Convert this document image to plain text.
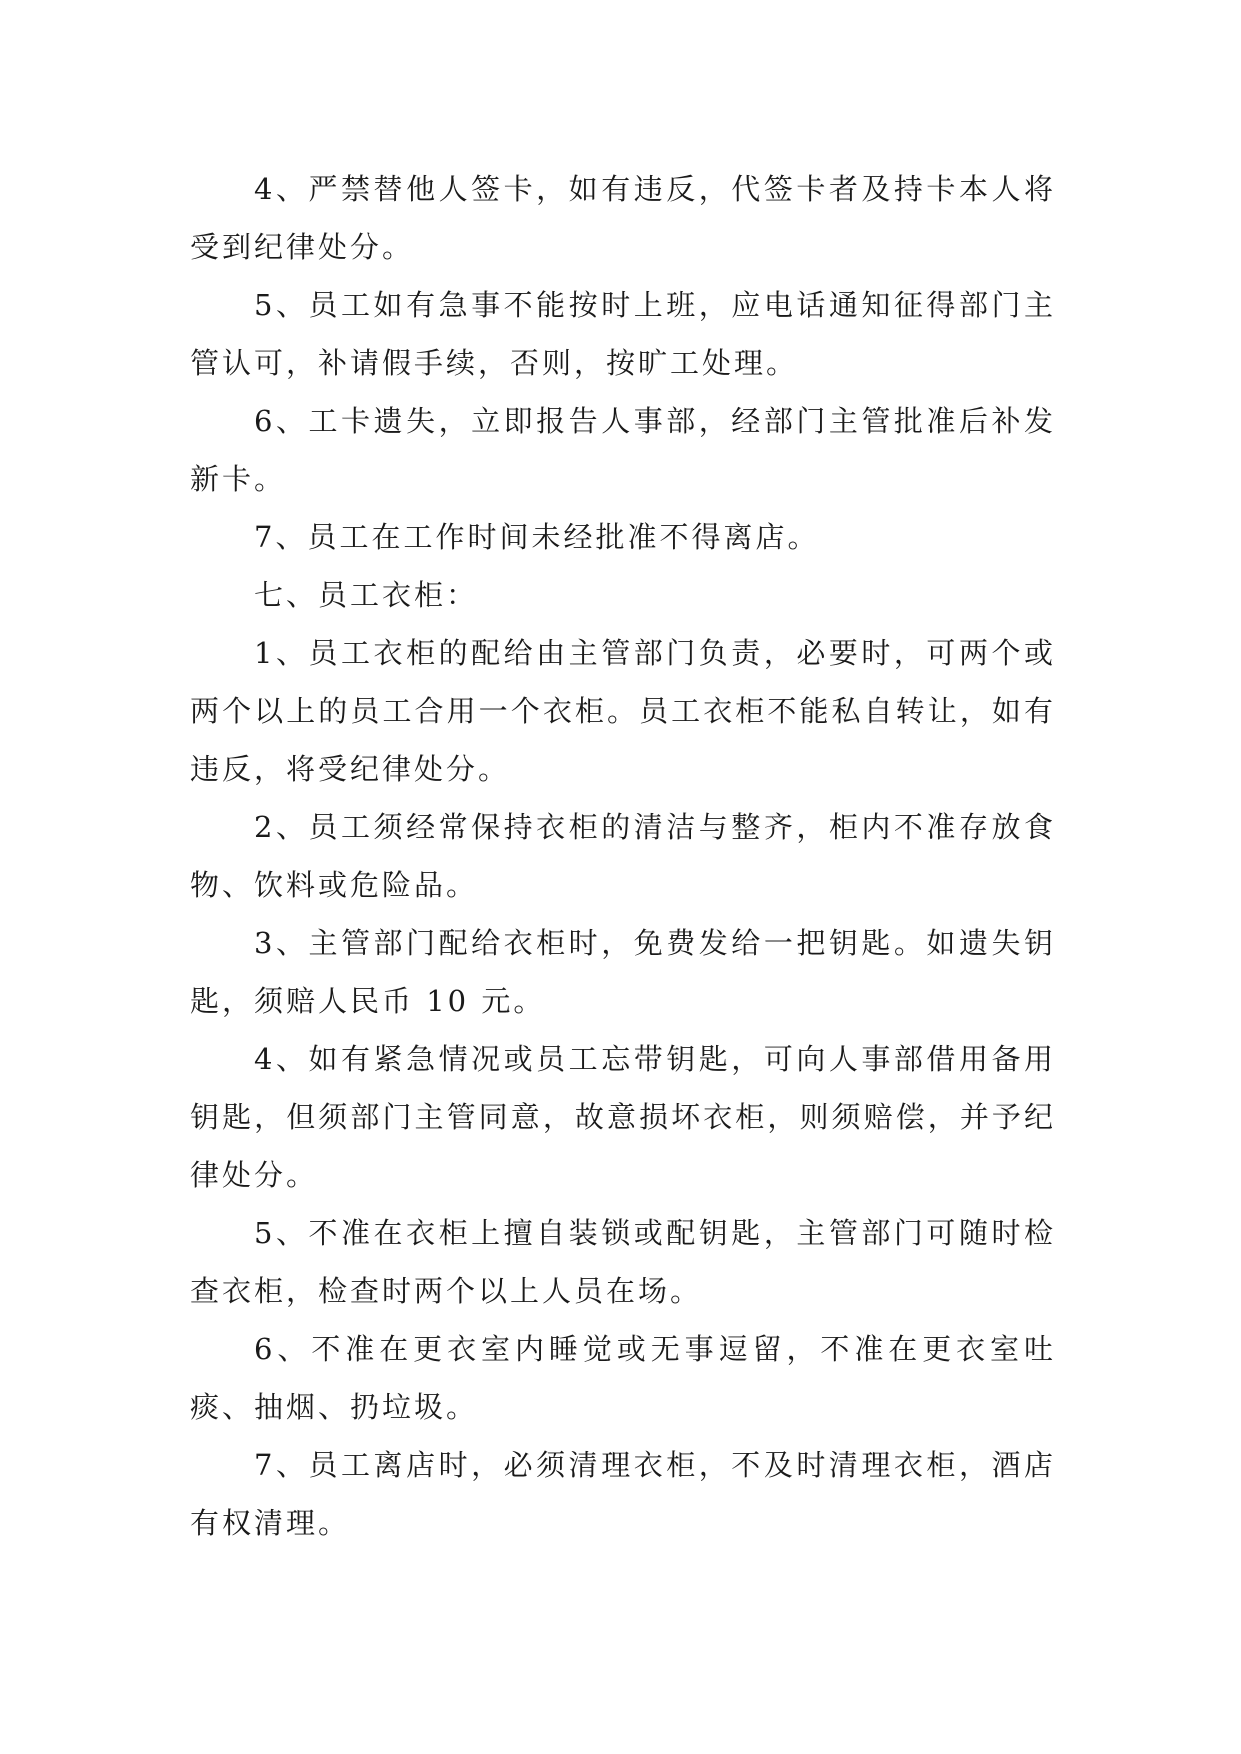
4、严禁替他人签卡，如有违反，代签卡者及持卡本人将受到纪律处分。

5、员工如有急事不能按时上班，应电话通知征得部门主管认可，补请假手续，否则，按旷工处理。

6、工卡遗失，立即报告人事部，经部门主管批准后补发新卡。

7、员工在工作时间未经批准不得离店。

七、员工衣柜：

1、员工衣柜的配给由主管部门负责，必要时，可两个或两个以上的员工合用一个衣柜。员工衣柜不能私自转让，如有违反，将受纪律处分。

2、员工须经常保持衣柜的清洁与整齐，柜内不准存放食物、饮料或危险品。

3、主管部门配给衣柜时，免费发给一把钥匙。如遗失钥匙，须赔人民币 10 元。

4、如有紧急情况或员工忘带钥匙，可向人事部借用备用钥匙，但须部门主管同意，故意损坏衣柜，则须赔偿，并予纪律处分。

5、不准在衣柜上擅自装锁或配钥匙，主管部门可随时检查衣柜，检查时两个以上人员在场。

6、不准在更衣室内睡觉或无事逗留，不准在更衣室吐痰、抽烟、扔垃圾。

7、员工离店时，必须清理衣柜，不及时清理衣柜，酒店有权清理。
